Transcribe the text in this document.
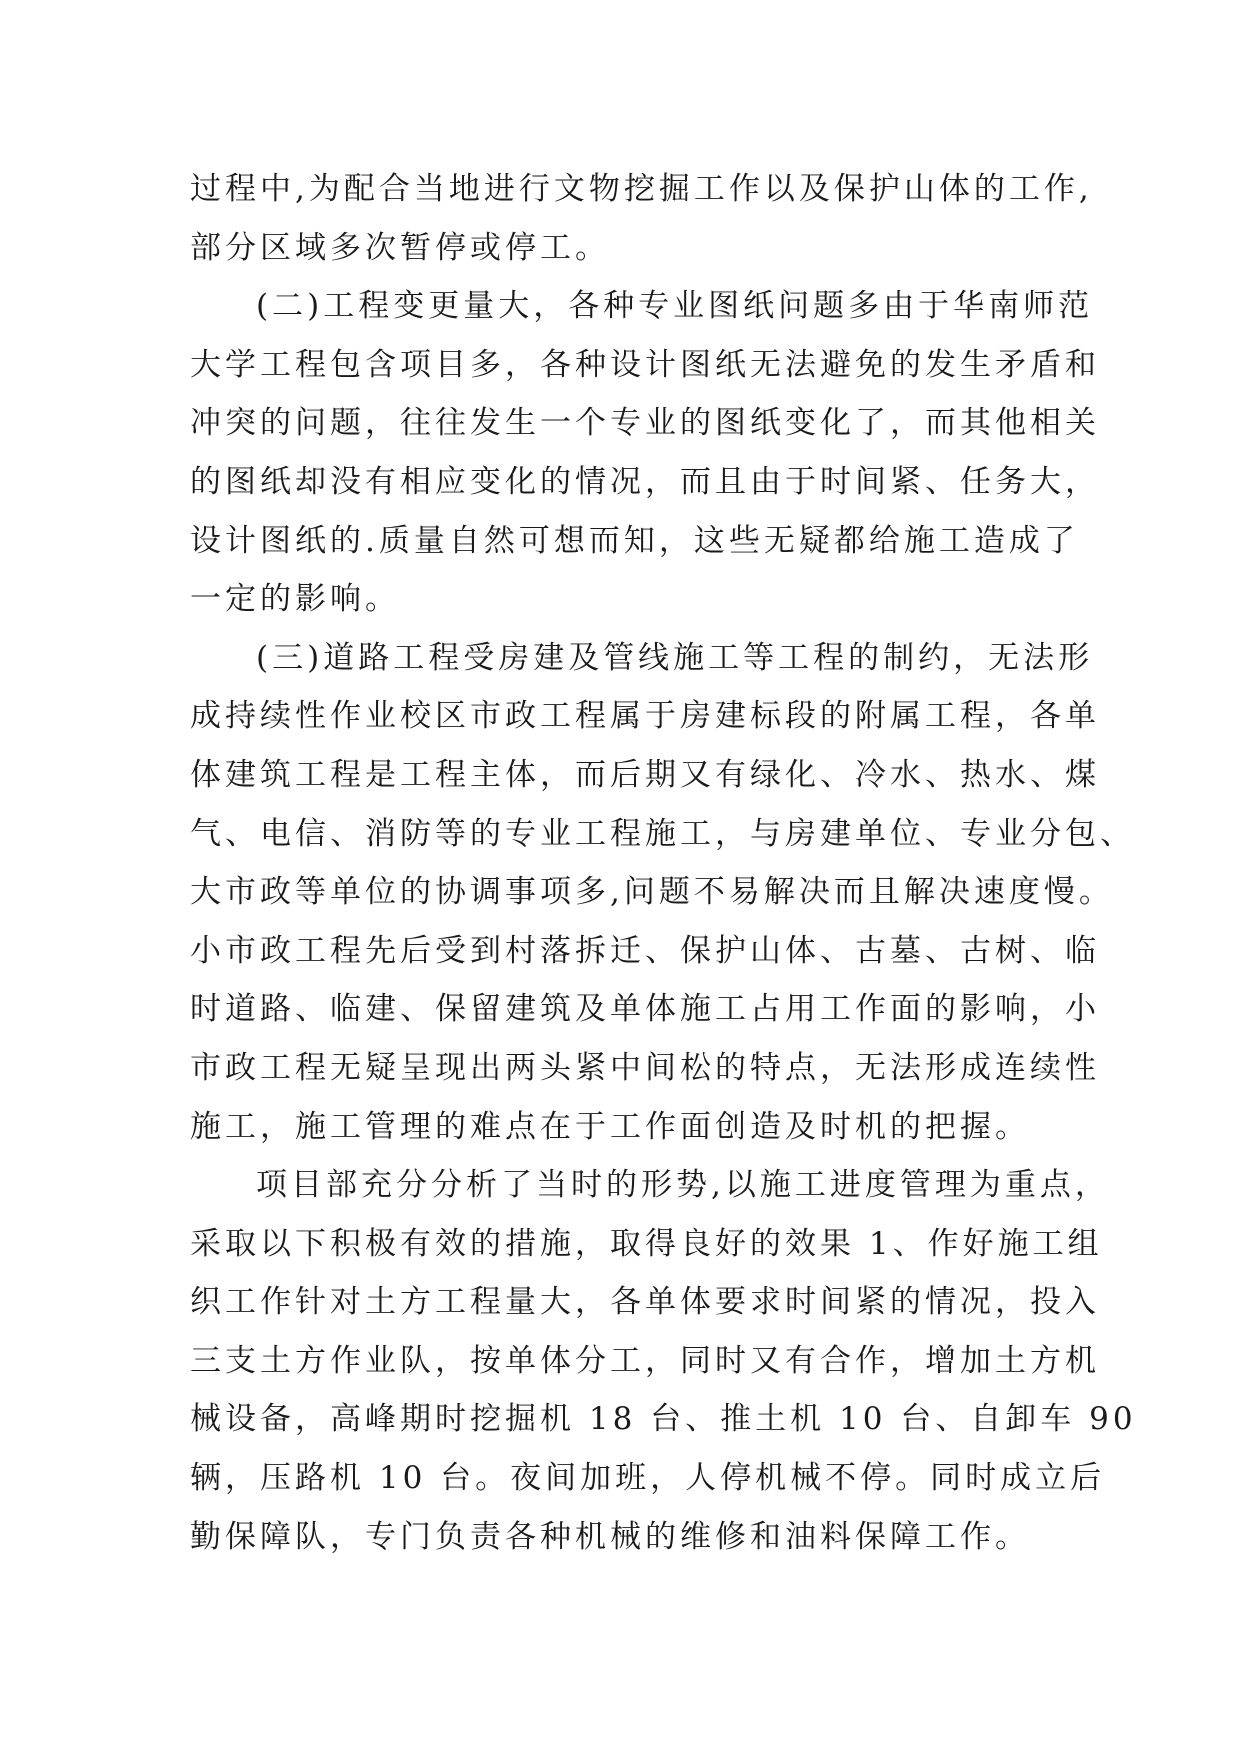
过程中,为配合当地进行文物挖掘工作以及保护山体的工作,
部分区域多次暂停或停工。
(二)工程变更量大，各种专业图纸问题多由于华南师范
大学工程包含项目多，各种设计图纸无法避免的发生矛盾和
冲突的问题，往往发生一个专业的图纸变化了，而其他相关
的图纸却没有相应变化的情况，而且由于时间紧、任务大，
设计图纸的.质量自然可想而知，这些无疑都给施工造成了
一定的影响。
(三)道路工程受房建及管线施工等工程的制约，无法形
成持续性作业校区市政工程属于房建标段的附属工程，各单
体建筑工程是工程主体，而后期又有绿化、冷水、热水、煤
气、电信、消防等的专业工程施工，与房建单位、专业分包、
大市政等单位的协调事项多,问题不易解决而且解决速度慢。
小市政工程先后受到村落拆迁、保护山体、古墓、古树、临
时道路、临建、保留建筑及单体施工占用工作面的影响，小
市政工程无疑呈现出两头紧中间松的特点，无法形成连续性
施工，施工管理的难点在于工作面创造及时机的把握。
项目部充分分析了当时的形势,以施工进度管理为重点，
采取以下积极有效的措施，取得良好的效果 1、作好施工组
织工作针对土方工程量大，各单体要求时间紧的情况，投入
三支土方作业队，按单体分工，同时又有合作，增加土方机
械设备，高峰期时挖掘机 18 台、推土机 10 台、自卸车 90
辆，压路机 10 台。夜间加班，人停机械不停。同时成立后
勤保障队，专门负责各种机械的维修和油料保障工作。
